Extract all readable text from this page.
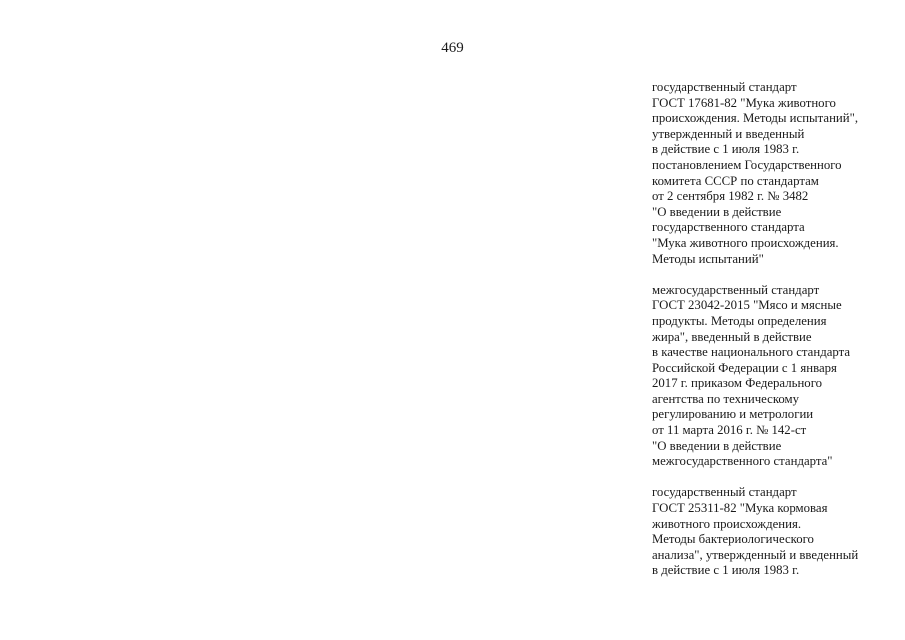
469
государственный стандарт
ГОСТ 17681-82 "Мука животного
происхождения. Методы испытаний",
утвержденный и введенный
в действие с 1 июля 1983 г.
постановлением Государственного
комитета СССР по стандартам
от 2 сентября 1982 г. № 3482
"О введении в действие
государственного стандарта
"Мука животного происхождения.
Методы испытаний"
межгосударственный стандарт
ГОСТ 23042-2015 "Мясо и мясные
продукты. Методы определения
жира", введенный в действие
в качестве национального стандарта
Российской Федерации с 1 января
2017 г. приказом Федерального
агентства по техническому
регулированию и метрологии
от 11 марта 2016 г. № 142-ст
"О введении в действие
межгосударственного стандарта"
государственный стандарт
ГОСТ 25311-82 "Мука кормовая
животного происхождения.
Методы бактериологического
анализа", утвержденный и введенный
в действие с 1 июля 1983 г.
